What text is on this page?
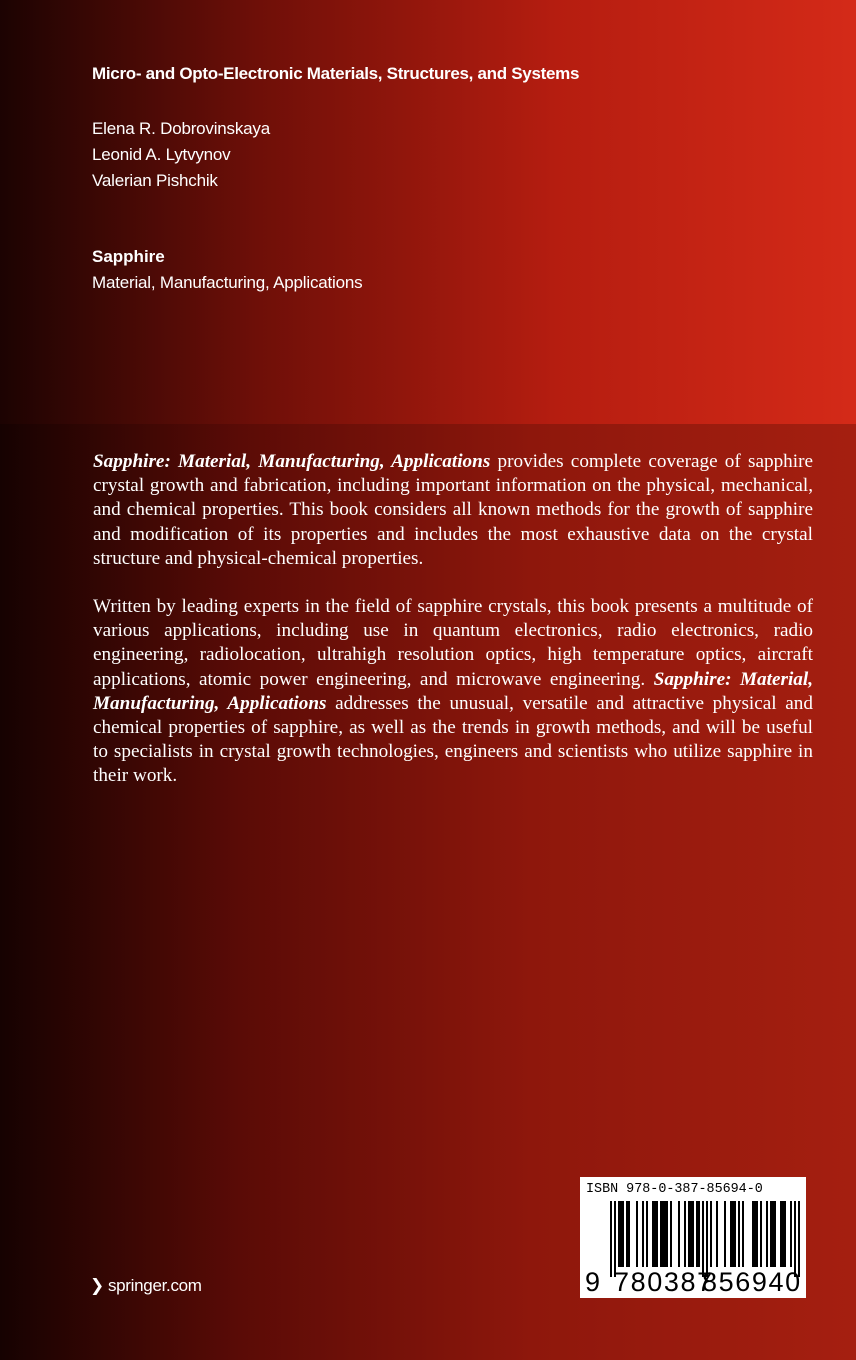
Micro- and Opto-Electronic Materials, Structures, and Systems
Elena R. Dobrovinskaya
Leonid A. Lytvynov
Valerian Pishchik
Sapphire
Material, Manufacturing, Applications

Sapphire: Material, Manufacturing, Applications provides complete coverage of sapphire crystal growth and fabrication, including important information on the physical, mechanical, and chemical properties. This book considers all known methods for the growth of sapphire and modification of its properties and includes the most exhaustive data on the crystal structure and physical-chemical properties.

Written by leading experts in the field of sapphire crystals, this book presents a multitude of various applications, including use in quantum electronics, radio electronics, radio engineering, radiolocation, ultrahigh resolution optics, high temperature optics, aircraft applications, atomic power engineering, and microwave engineering. Sapphire: Material, Manufacturing, Applications addresses the unusual, versatile and attractive physical and chemical properties of sapphire, as well as the trends in growth methods, and will be useful to specialists in crystal growth technologies, engineers and scientists who utilize sapphire in their work.

❯ springer.com
ISBN 978-0-387-85694-0
9 780387
856940
